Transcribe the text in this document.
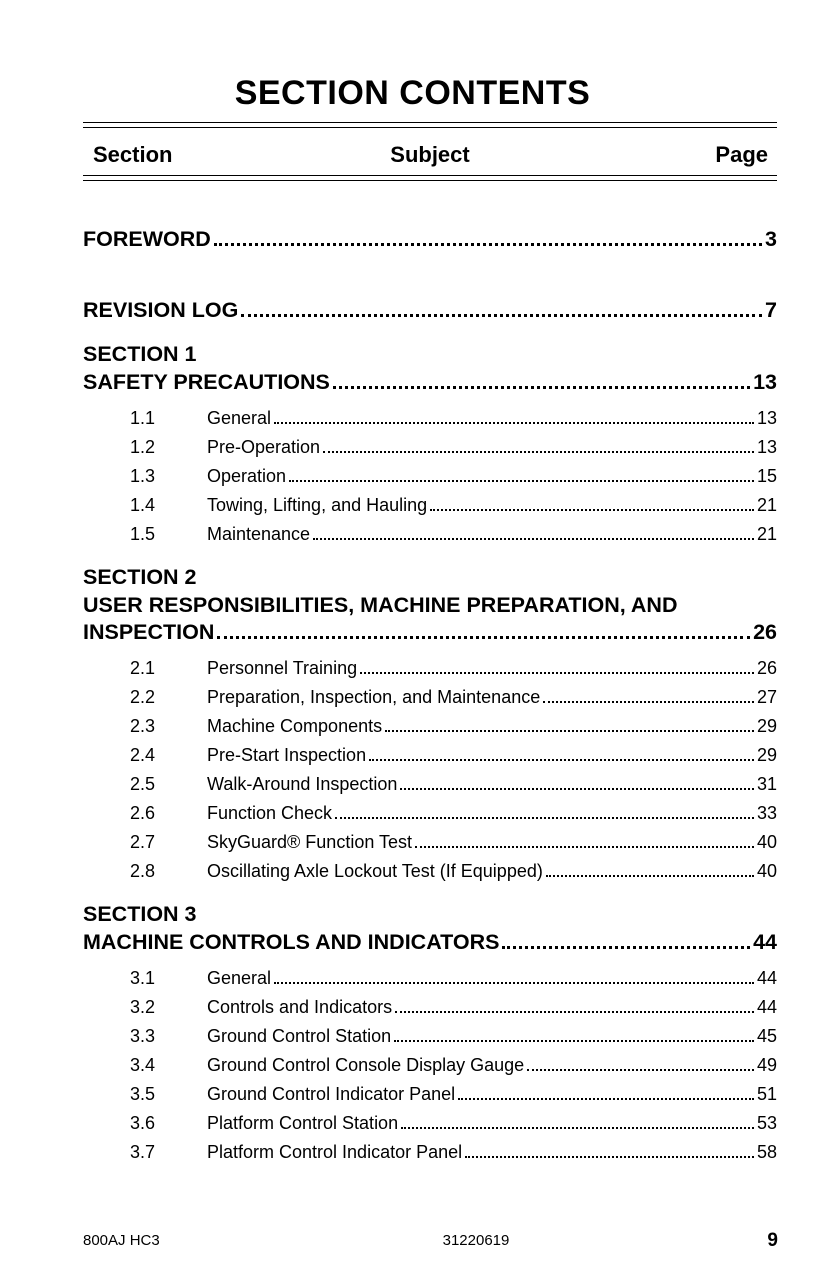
SECTION CONTENTS
Section	Subject	Page
FOREWORD	3
REVISION LOG	7
SECTION 1
SAFETY PRECAUTIONS	13
1.1	General	13
1.2	Pre-Operation	13
1.3	Operation	15
1.4	Towing, Lifting, and Hauling	21
1.5	Maintenance	21
SECTION 2
USER RESPONSIBILITIES, MACHINE PREPARATION, AND
INSPECTION	26
2.1	Personnel Training	26
2.2	Preparation, Inspection, and Maintenance	27
2.3	Machine Components	29
2.4	Pre-Start Inspection	29
2.5	Walk-Around Inspection	31
2.6	Function Check	33
2.7	SkyGuard® Function Test	40
2.8	Oscillating Axle Lockout Test (If Equipped)	40
SECTION 3
MACHINE CONTROLS AND INDICATORS	44
3.1	General	44
3.2	Controls and Indicators	44
3.3	Ground Control Station	45
3.4	Ground Control Console Display Gauge	49
3.5	Ground Control Indicator Panel	51
3.6	Platform Control Station	53
3.7	Platform Control Indicator Panel	58
800AJ HC3	31220619	9
